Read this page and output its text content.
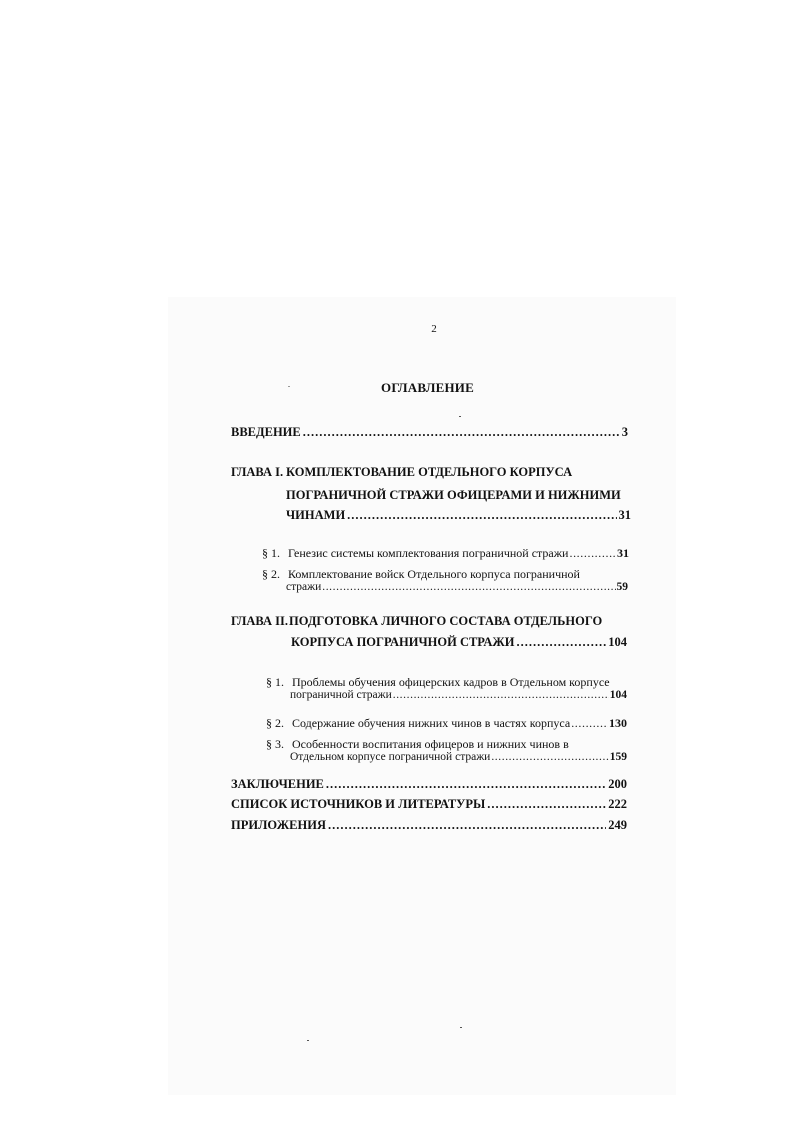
2
ОГЛАВЛЕНИЕ
ВВЕДЕНИЕ .....	3
ГЛАВА I. КОМПЛЕКТОВАНИЕ ОТДЕЛЬНОГО КОРПУСА
ПОГРАНИЧНОЙ СТРАЖИ ОФИЦЕРАМИ И НИЖНИМИ
ЧИНАМИ .....	31
§ 1. Генезис системы комплектования пограничной стражи .....	31
§ 2. Комплектование войск Отдельного корпуса пограничной
стражи .....	59
ГЛАВА II. ПОДГОТОВКА ЛИЧНОГО СОСТАВА ОТДЕЛЬНОГО
КОРПУСА ПОГРАНИЧНОЙ СТРАЖИ .....	104
§ 1. Проблемы обучения офицерских кадров в Отдельном корпусе
пограничной стражи .....	104
§ 2. Содержание обучения нижних чинов в частях корпуса .....	130
§ 3. Особенности воспитания офицеров и нижних чинов в
Отдельном корпусе пограничной стражи .....	159
ЗАКЛЮЧЕНИЕ .....	200
СПИСОК ИСТОЧНИКОВ И ЛИТЕРАТУРЫ .....	222
ПРИЛОЖЕНИЯ .....	249
